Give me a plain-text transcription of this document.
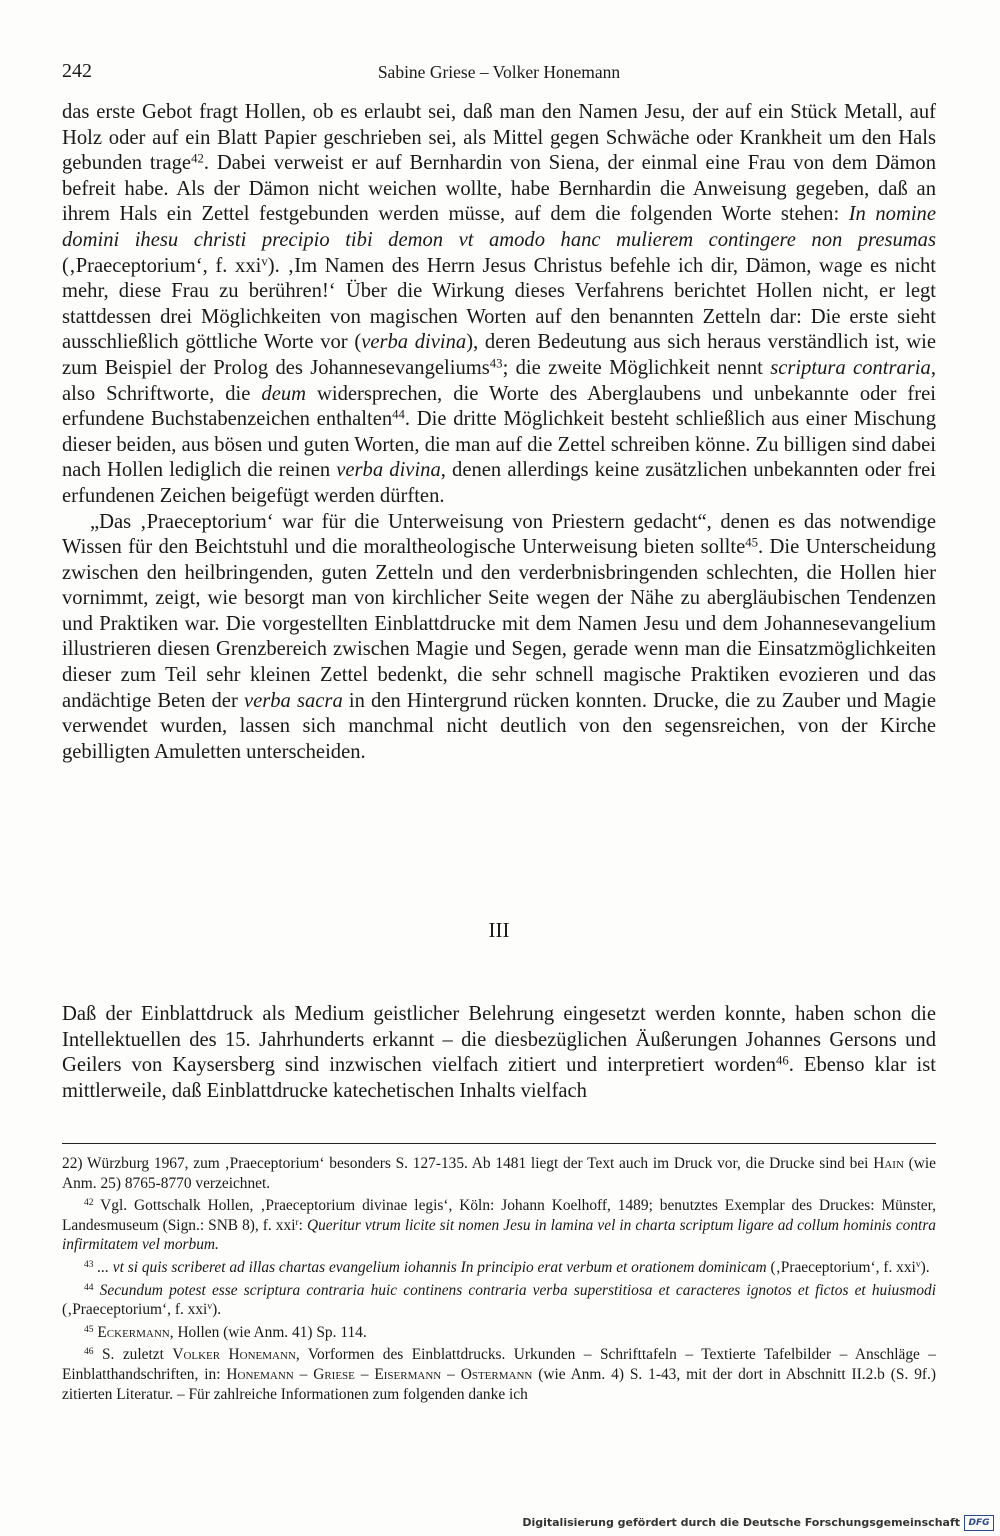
242	Sabine Griese – Volker Honemann

das erste Gebot fragt Hollen, ob es erlaubt sei, daß man den Namen Jesu, der auf ein Stück Metall, auf Holz oder auf ein Blatt Papier geschrieben sei, als Mittel gegen Schwäche oder Krankheit um den Hals gebunden trage$^{42}$. Dabei verweist er auf Bernhardin von Siena, der einmal eine Frau von dem Dämon befreit habe. Als der Dämon nicht weichen wollte, habe Bernhardin die Anweisung gegeben, daß an ihrem Hals ein Zettel festgebunden werden müsse, auf dem die folgenden Worte stehen: In nomine domini ihesu christi precipio tibi demon vt amodo hanc mulierem contingere non presumas (‚Praeceptorium‘, f. xxi$^v$). ‚Im Namen des Herrn Jesus Christus befehle ich dir, Dämon, wage es nicht mehr, diese Frau zu berühren!‘ Über die Wirkung dieses Verfahrens berichtet Hollen nicht, er legt stattdessen drei Möglichkeiten von magischen Worten auf den benannten Zetteln dar: Die erste sieht ausschließlich göttliche Worte vor (verba divina), deren Bedeutung aus sich heraus verständlich ist, wie zum Beispiel der Prolog des Johannesevangeliums$^{43}$; die zweite Möglichkeit nennt scriptura contraria, also Schriftworte, die deum widersprechen, die Worte des Aberglaubens und unbekannte oder frei erfundene Buchstabenzeichen enthalten$^{44}$. Die dritte Möglichkeit besteht schließlich aus einer Mischung dieser beiden, aus bösen und guten Worten, die man auf die Zettel schreiben könne. Zu billigen sind dabei nach Hollen lediglich die reinen verba divina, denen allerdings keine zusätzlichen unbekannten oder frei erfundenen Zeichen beigefügt werden dürften.

„Das ‚Praeceptorium‘ war für die Unterweisung von Priestern gedacht“, denen es das notwendige Wissen für den Beichtstuhl und die moraltheologische Unterweisung bieten sollte$^{45}$. Die Unterscheidung zwischen den heilbringenden, guten Zetteln und den verderbnisbringenden schlechten, die Hollen hier vornimmt, zeigt, wie besorgt man von kirchlicher Seite wegen der Nähe zu abergläubischen Tendenzen und Praktiken war. Die vorgestellten Einblattdrucke mit dem Namen Jesu und dem Johannesevangelium illustrieren diesen Grenzbereich zwischen Magie und Segen, gerade wenn man die Einsatzmöglichkeiten dieser zum Teil sehr kleinen Zettel bedenkt, die sehr schnell magische Praktiken evozieren und das andächtige Beten der verba sacra in den Hintergrund rücken konnten. Drucke, die zu Zauber und Magie verwendet wurden, lassen sich manchmal nicht deutlich von den segensreichen, von der Kirche gebilligten Amuletten unterscheiden.

III

Daß der Einblattdruck als Medium geistlicher Belehrung eingesetzt werden konnte, haben schon die Intellektuellen des 15. Jahrhunderts erkannt – die diesbezüglichen Äußerungen Johannes Gersons und Geilers von Kaysersberg sind inzwischen vielfach zitiert und interpretiert worden$^{46}$. Ebenso klar ist mittlerweile, daß Einblattdrucke katechetischen Inhalts vielfach

22) Würzburg 1967, zum ‚Praeceptorium‘ besonders S. 127-135. Ab 1481 liegt der Text auch im Druck vor, die Drucke sind bei Hain (wie Anm. 25) 8765-8770 verzeichnet.

$^{42}$ Vgl. Gottschalk Hollen, ‚Praeceptorium divinae legis‘, Köln: Johann Koelhoff, 1489; benutztes Exemplar des Druckes: Münster, Landesmuseum (Sign.: SNB 8), f. xxi$^r$: Queritur vtrum licite sit nomen Jesu in lamina vel in charta scriptum ligare ad collum hominis contra infirmitatem vel morbum.

$^{43}$ ... vt si quis scriberet ad illas chartas evangelium iohannis In principio erat verbum et orationem dominicam (‚Praeceptorium‘, f. xxi$^v$).

$^{44}$ Secundum potest esse scriptura contraria huic continens contraria verba superstitiosa et caracteres ignotos et fictos et huiusmodi (‚Praeceptorium‘, f. xxi$^v$).

$^{45}$ Eckermann, Hollen (wie Anm. 41) Sp. 114.

$^{46}$ S. zuletzt Volker Honemann, Vorformen des Einblattdrucks. Urkunden – Schrifttafeln – Textierte Tafelbilder – Anschläge – Einblatthandschriften, in: Honemann – Griese – Eisermann – Ostermann (wie Anm. 4) S. 1-43, mit der dort in Abschnitt II.2.b (S. 9f.) zitierten Literatur. – Für zahlreiche Informationen zum folgenden danke ich

Digitalisierung gefördert durch die Deutsche Forschungsgemeinschaft DFG
